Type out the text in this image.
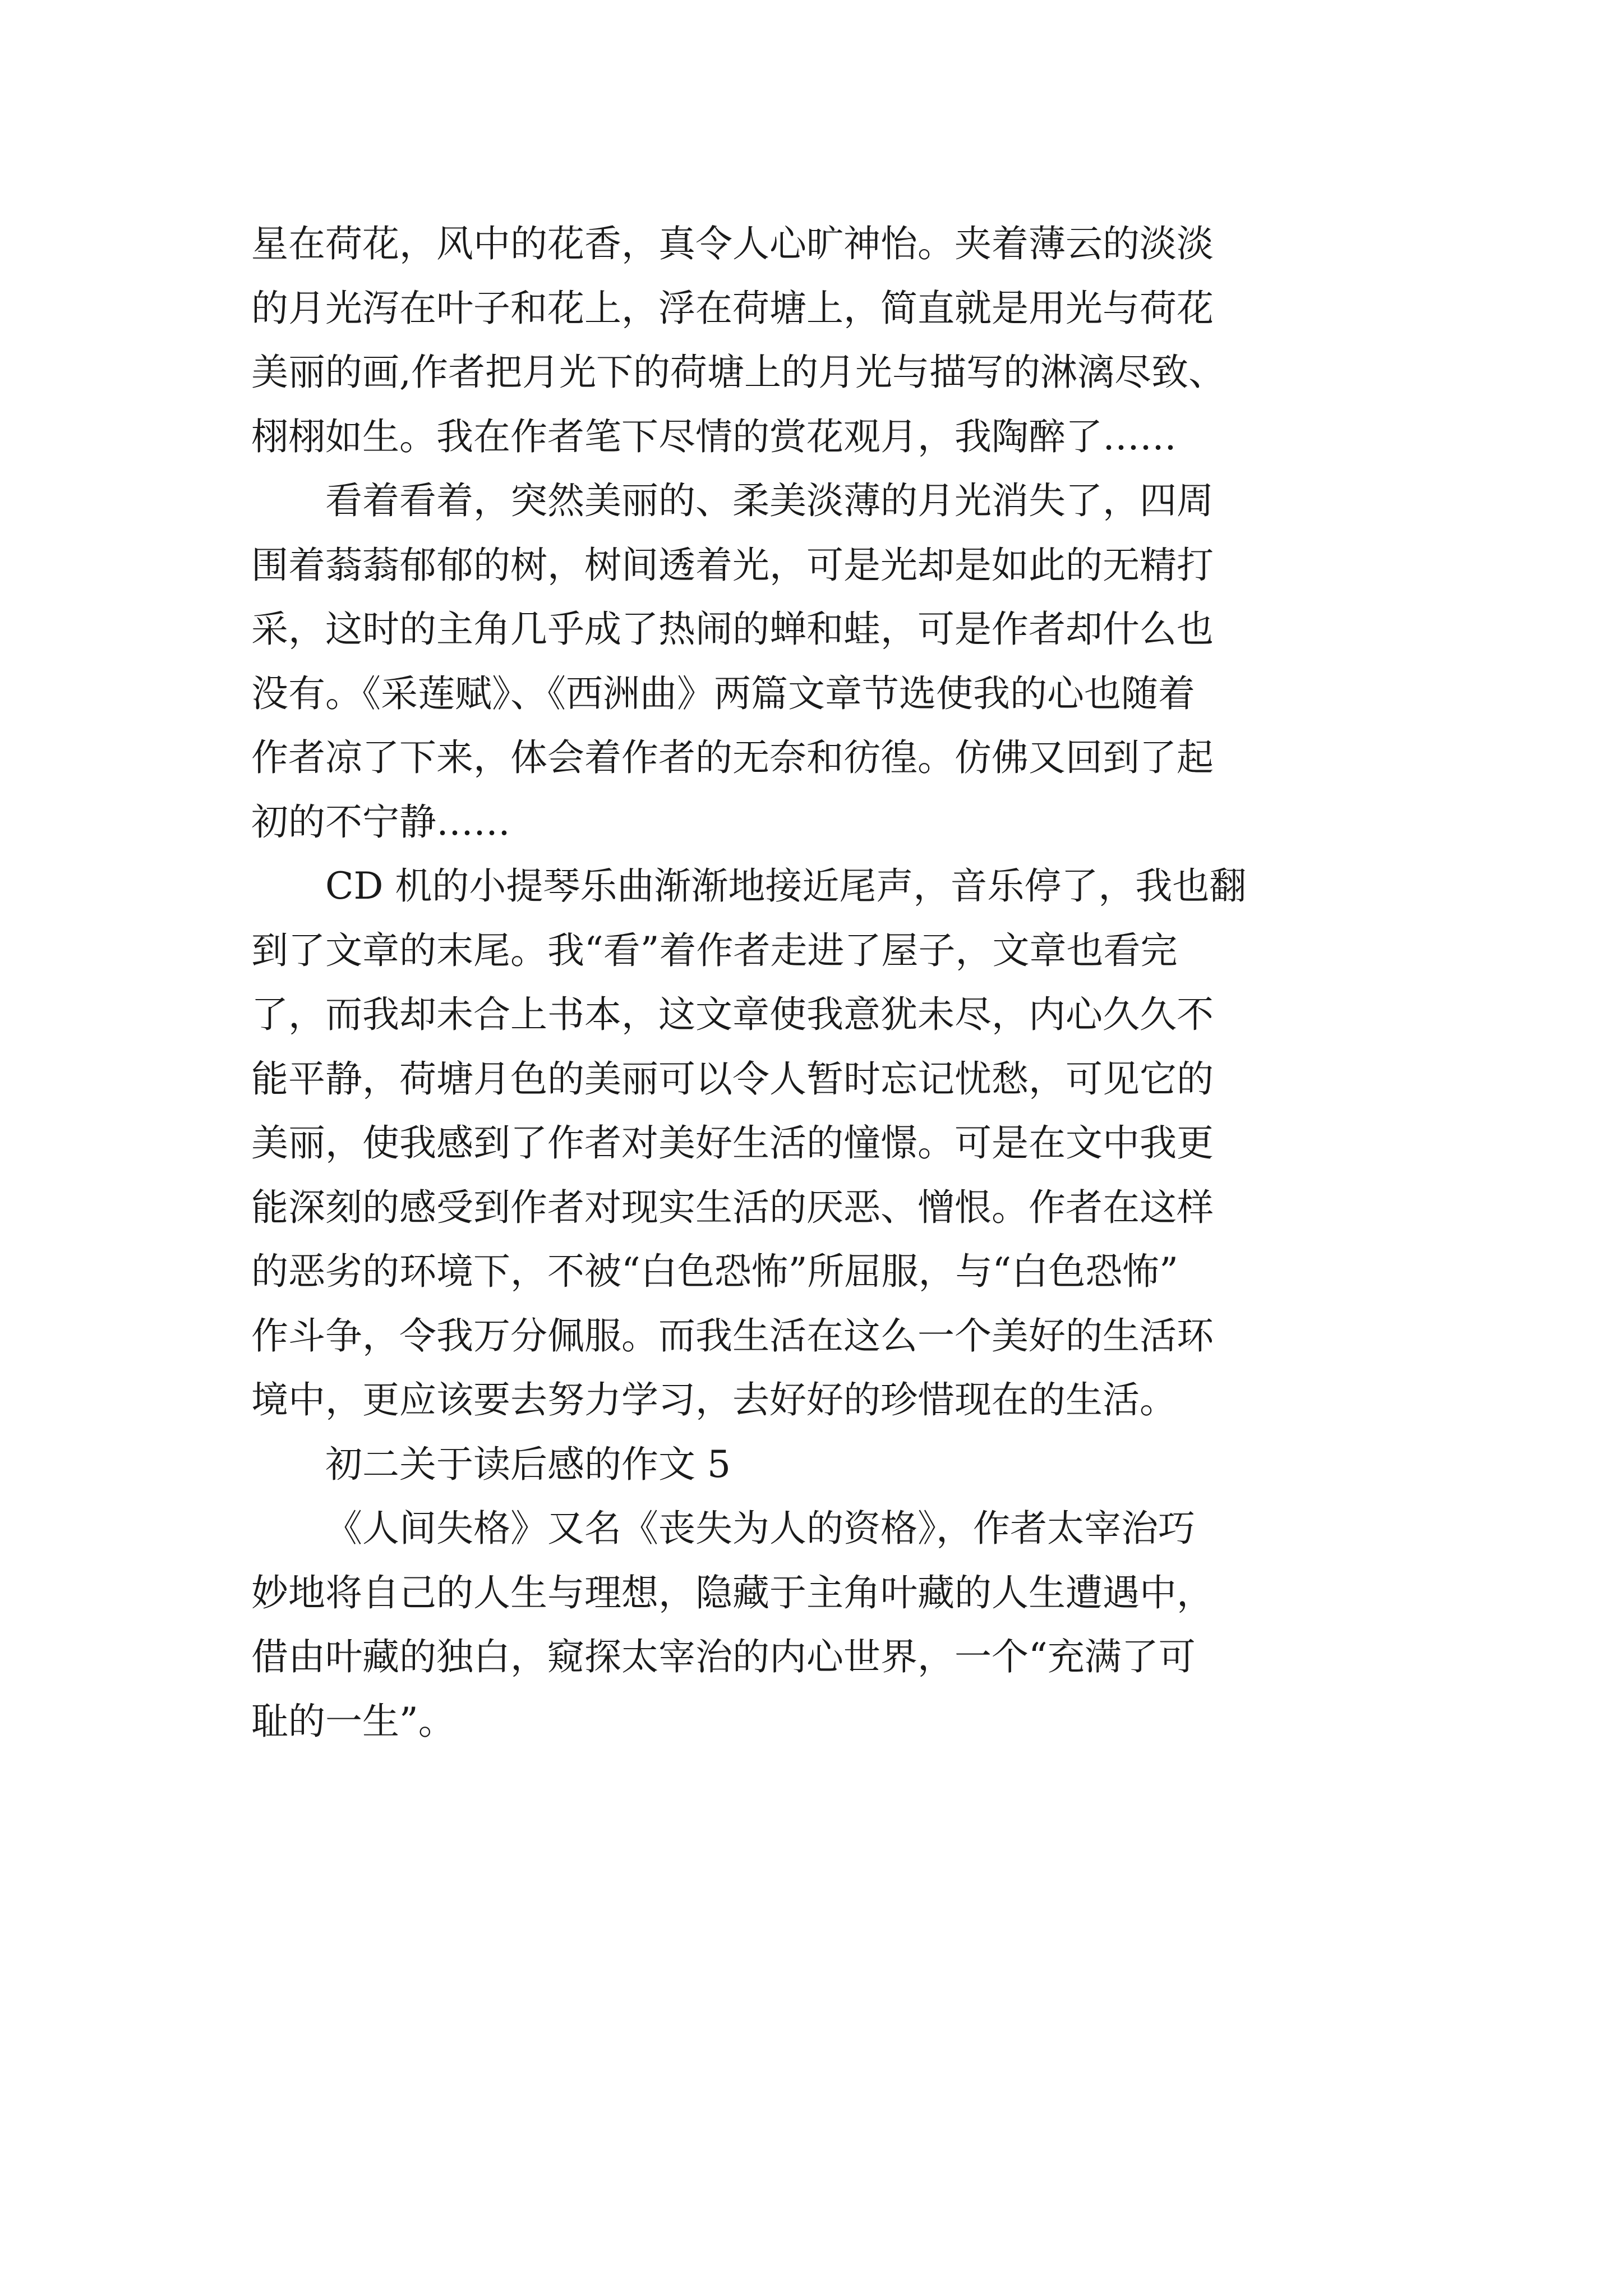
星在荷花，风中的花香，真令人心旷神怡。夹着薄云的淡淡
的月光泻在叶子和花上，浮在荷塘上，简直就是用光与荷花
美丽的画,作者把月光下的荷塘上的月光与描写的淋漓尽致、
栩栩如生。我在作者笔下尽情的赏花观月，我陶醉了……
看着看着，突然美丽的、柔美淡薄的月光消失了，四周
围着蓊蓊郁郁的树，树间透着光，可是光却是如此的无精打
采，这时的主角几乎成了热闹的蝉和蛙，可是作者却什么也
没有。《采莲赋》、《西洲曲》两篇文章节选使我的心也随着
作者凉了下来，体会着作者的无奈和彷徨。仿佛又回到了起
初的不宁静……
CD 机的小提琴乐曲渐渐地接近尾声，音乐停了，我也翻
到了文章的末尾。我“看”着作者走进了屋子，文章也看完
了，而我却未合上书本，这文章使我意犹未尽，内心久久不
能平静，荷塘月色的美丽可以令人暂时忘记忧愁，可见它的
美丽，使我感到了作者对美好生活的憧憬。可是在文中我更
能深刻的感受到作者对现实生活的厌恶、憎恨。作者在这样
的恶劣的环境下，不被“白色恐怖”所屈服，与“白色恐怖”
作斗争，令我万分佩服。而我生活在这么一个美好的生活环
境中，更应该要去努力学习，去好好的珍惜现在的生活。
初二关于读后感的作文 5
《人间失格》又名《丧失为人的资格》，作者太宰治巧
妙地将自己的人生与理想，隐藏于主角叶藏的人生遭遇中，
借由叶藏的独白，窥探太宰治的内心世界，一个“充满了可
耻的一生”。
